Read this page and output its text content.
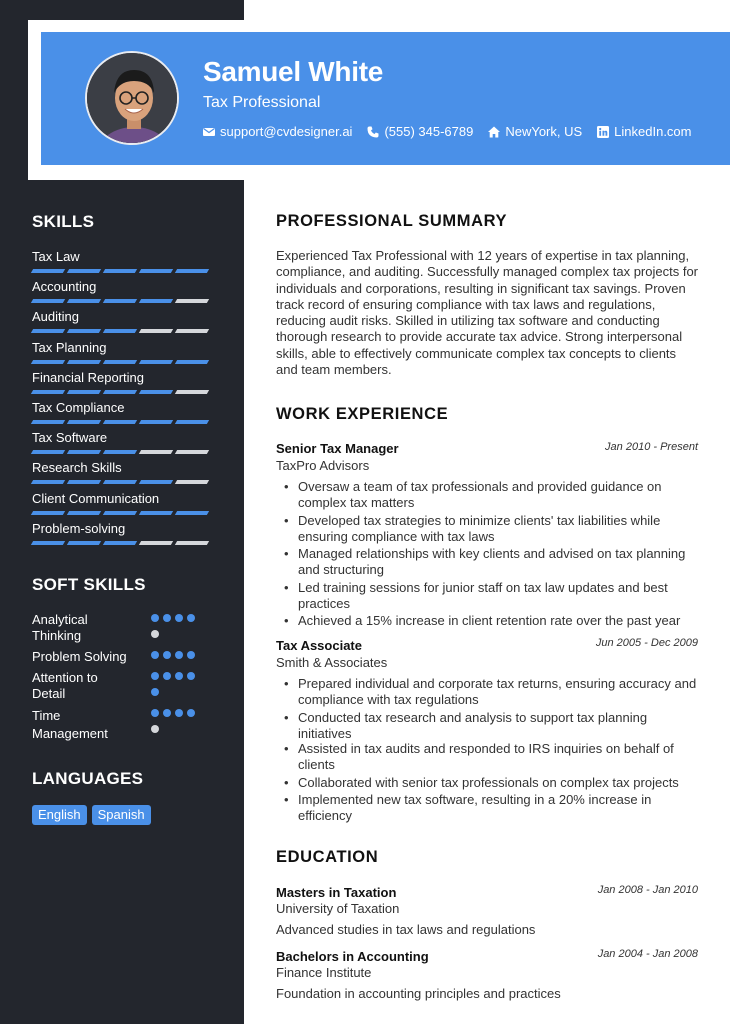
Samuel White
Tax Professional
support@cvdesigner.ai (555) 345-6789 NewYork, US LinkedIn.com
SKILLS
Tax Law
Accounting
Auditing
Tax Planning
Financial Reporting
Tax Compliance
Tax Software
Research Skills
Client Communication
Problem-solving
SOFT SKILLS
Analytical Thinking
Problem Solving
Attention to Detail
Time Management
LANGUAGES
English	Spanish
PROFESSIONAL SUMMARY

Experienced Tax Professional with 12 years of expertise in tax planning, compliance, and auditing. Successfully managed complex tax projects for individuals and corporations, resulting in significant tax savings. Proven track record of ensuring compliance with tax laws and regulations, reducing audit risks. Skilled in utilizing tax software and conducting thorough research to provide accurate tax advice. Strong interpersonal skills, able to effectively communicate complex tax concepts to clients and team members.

WORK EXPERIENCE
Senior Tax Manager	Jan 2010 - Present
TaxPro Advisors
• Oversaw a team of tax professionals and provided guidance on complex tax matters
• Developed tax strategies to minimize clients' tax liabilities while ensuring compliance with tax laws
• Managed relationships with key clients and advised on tax planning and structuring
• Led training sessions for junior staff on tax law updates and best practices
• Achieved a 15% increase in client retention rate over the past year
Tax Associate	Jun 2005 - Dec 2009
Smith & Associates
• Prepared individual and corporate tax returns, ensuring accuracy and compliance with tax regulations
• Conducted tax research and analysis to support tax planning initiatives
• Assisted in tax audits and responded to IRS inquiries on behalf of clients
• Collaborated with senior tax professionals on complex tax projects
• Implemented new tax software, resulting in a 20% increase in efficiency
EDUCATION
Masters in Taxation	Jan 2008 - Jan 2010
University of Taxation
Advanced studies in tax laws and regulations
Bachelors in Accounting	Jan 2004 - Jan 2008
Finance Institute
Foundation in accounting principles and practices
